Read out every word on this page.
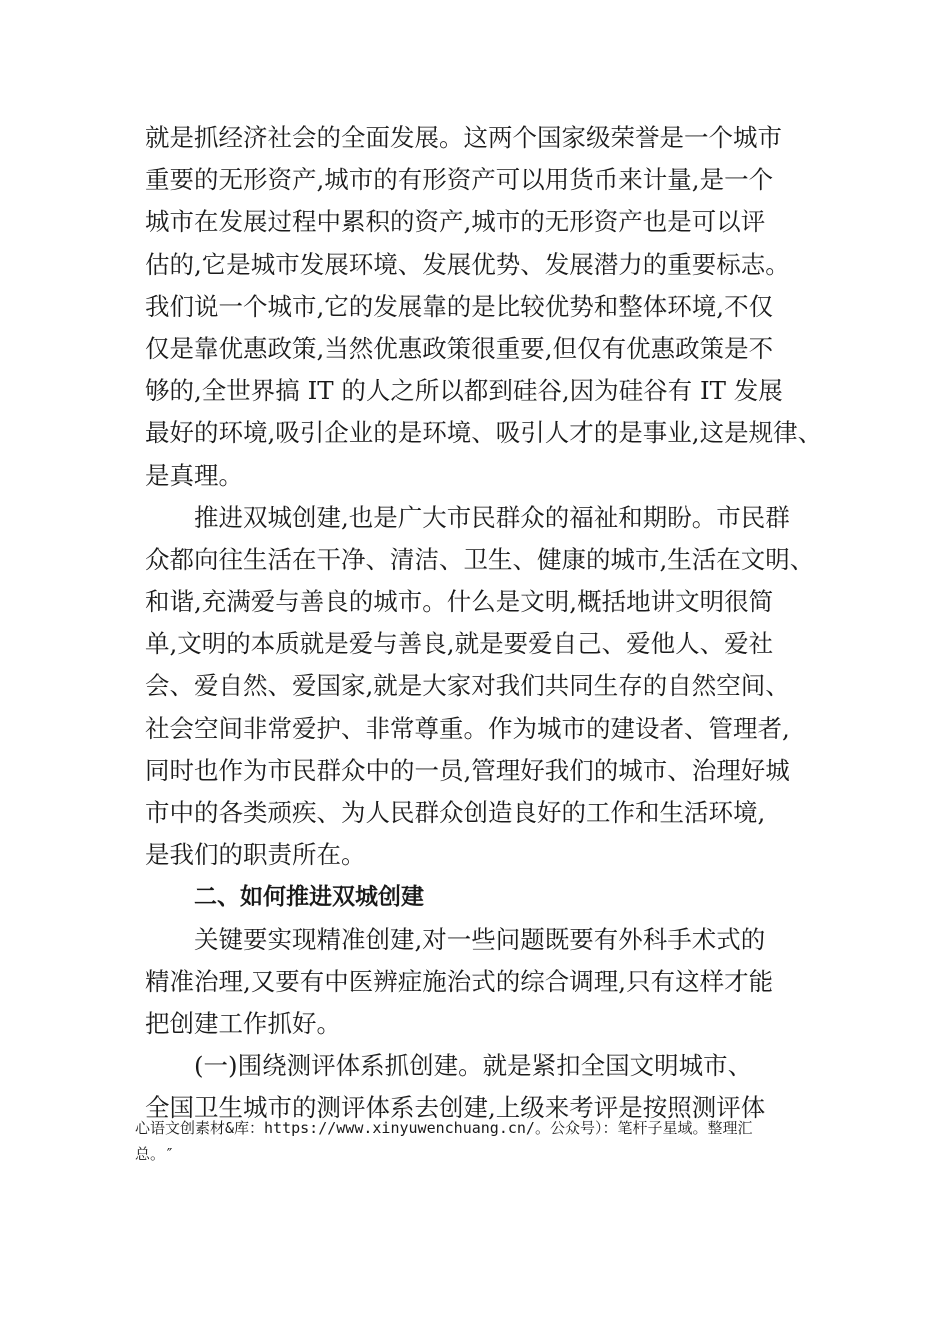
就是抓经济社会的全面发展。这两个国家级荣誉是一个城市
重要的无形资产,城市的有形资产可以用货币来计量,是一个
城市在发展过程中累积的资产,城市的无形资产也是可以评
估的,它是城市发展环境、发展优势、发展潜力的重要标志。
我们说一个城市,它的发展靠的是比较优势和整体环境,不仅
仅是靠优惠政策,当然优惠政策很重要,但仅有优惠政策是不
够的,全世界搞 IT 的人之所以都到硅谷,因为硅谷有 IT 发展
最好的环境,吸引企业的是环境、吸引人才的是事业,这是规律、
是真理。
推进双城创建,也是广大市民群众的福祉和期盼。市民群
众都向往生活在干净、清洁、卫生、健康的城市,生活在文明、
和谐,充满爱与善良的城市。什么是文明,概括地讲文明很简
单,文明的本质就是爱与善良,就是要爱自己、爱他人、爱社
会、爱自然、爱国家,就是大家对我们共同生存的自然空间、
社会空间非常爱护、非常尊重。作为城市的建设者、管理者,
同时也作为市民群众中的一员,管理好我们的城市、治理好城
市中的各类顽疾、为人民群众创造良好的工作和生活环境,
是我们的职责所在。
二、如何推进双城创建
关键要实现精准创建,对一些问题既要有外科手术式的
精准治理,又要有中医辨症施治式的综合调理,只有这样才能
把创建工作抓好。
(一)围绕测评体系抓创建。就是紧扣全国文明城市、
全国卫生城市的测评体系去创建,上级来考评是按照测评体
心语文创素材&库：https://www.xinyuwenchuang.cn/。公众号）：笔杆子星域。整理汇
总。″
